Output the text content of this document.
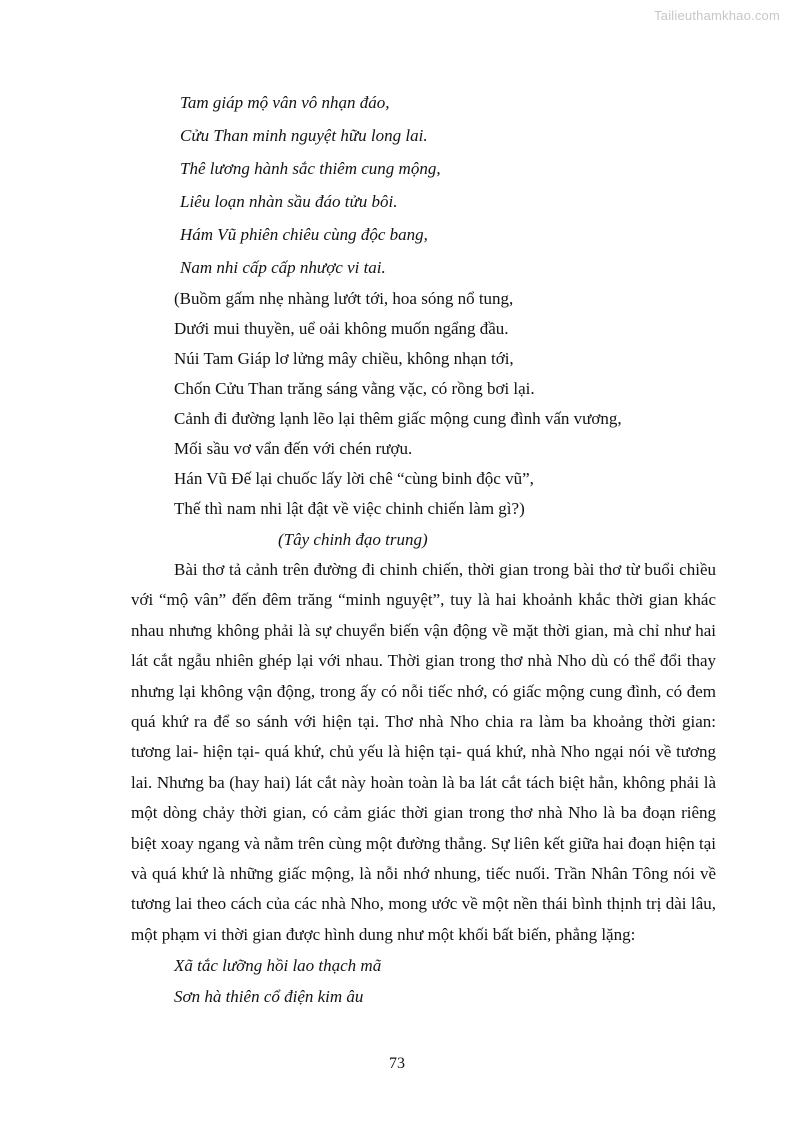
Tailieuthamkhao.com
Tam giáp mộ vân vô nhạn đáo,
Cửu Than minh nguyệt hữu long lai.
Thê lương hành sắc thiêm cung mộng,
Liêu loạn nhàn sầu đáo tửu bôi.
Hám Vũ phiên chiêu cùng độc bang,
Nam nhi cấp cấp nhược vi tai.
(Buồm gấm nhẹ nhàng lướt tới, hoa sóng nổ tung,
Dưới mui thuyền, uể oải không muốn ngẩng đầu.
Núi Tam Giáp lơ lửng mây chiều, không nhạn tới,
Chốn Cửu Than trăng sáng vằng vặc, có rồng bơi lại.
Cảnh đi đường lạnh lẽo lại thêm giấc mộng cung đình vấn vương,
Mối sầu vơ vẩn đến với chén rượu.
Hán Vũ Đế lại chuốc lấy lời chê “cùng binh độc vũ”,
Thế thì nam nhi lật đật về việc chinh chiến làm gì?)
(Tây chinh đạo trung)

Bài thơ tả cảnh trên đường đi chinh chiến, thời gian trong bài thơ từ buổi chiều với “mộ vân” đến đêm trăng “minh nguyệt”, tuy là hai khoảnh khắc thời gian khác nhau nhưng không phải là sự chuyển biến vận động về mặt thời gian, mà chỉ như hai lát cắt ngẫu nhiên ghép lại với nhau. Thời gian trong thơ nhà Nho dù có thể đổi thay nhưng lại không vận động, trong ấy có nỗi tiếc nhớ, có giấc mộng cung đình, có đem quá khứ ra để so sánh với hiện tại. Thơ nhà Nho chia ra làm ba khoảng thời gian: tương lai- hiện tại- quá khứ, chủ yếu là hiện tại- quá khứ, nhà Nho ngại nói về tương lai. Nhưng ba (hay hai) lát cắt này hoàn toàn là ba lát cắt tách biệt hẳn, không phải là một dòng chảy thời gian, có cảm giác thời gian trong thơ nhà Nho là ba đoạn riêng biệt xoay ngang và nằm trên cùng một đường thẳng. Sự liên kết giữa hai đoạn hiện tại và quá khứ là những giấc mộng, là nỗi nhớ nhung, tiếc nuối. Trần Nhân Tông nói về tương lai theo cách của các nhà Nho, mong ước về một nền thái bình thịnh trị dài lâu, một phạm vi thời gian được hình dung như một khối bất biến, phẳng lặng:

Xã tắc lưỡng hồi lao thạch mã
Sơn hà thiên cổ điện kim âu
73
